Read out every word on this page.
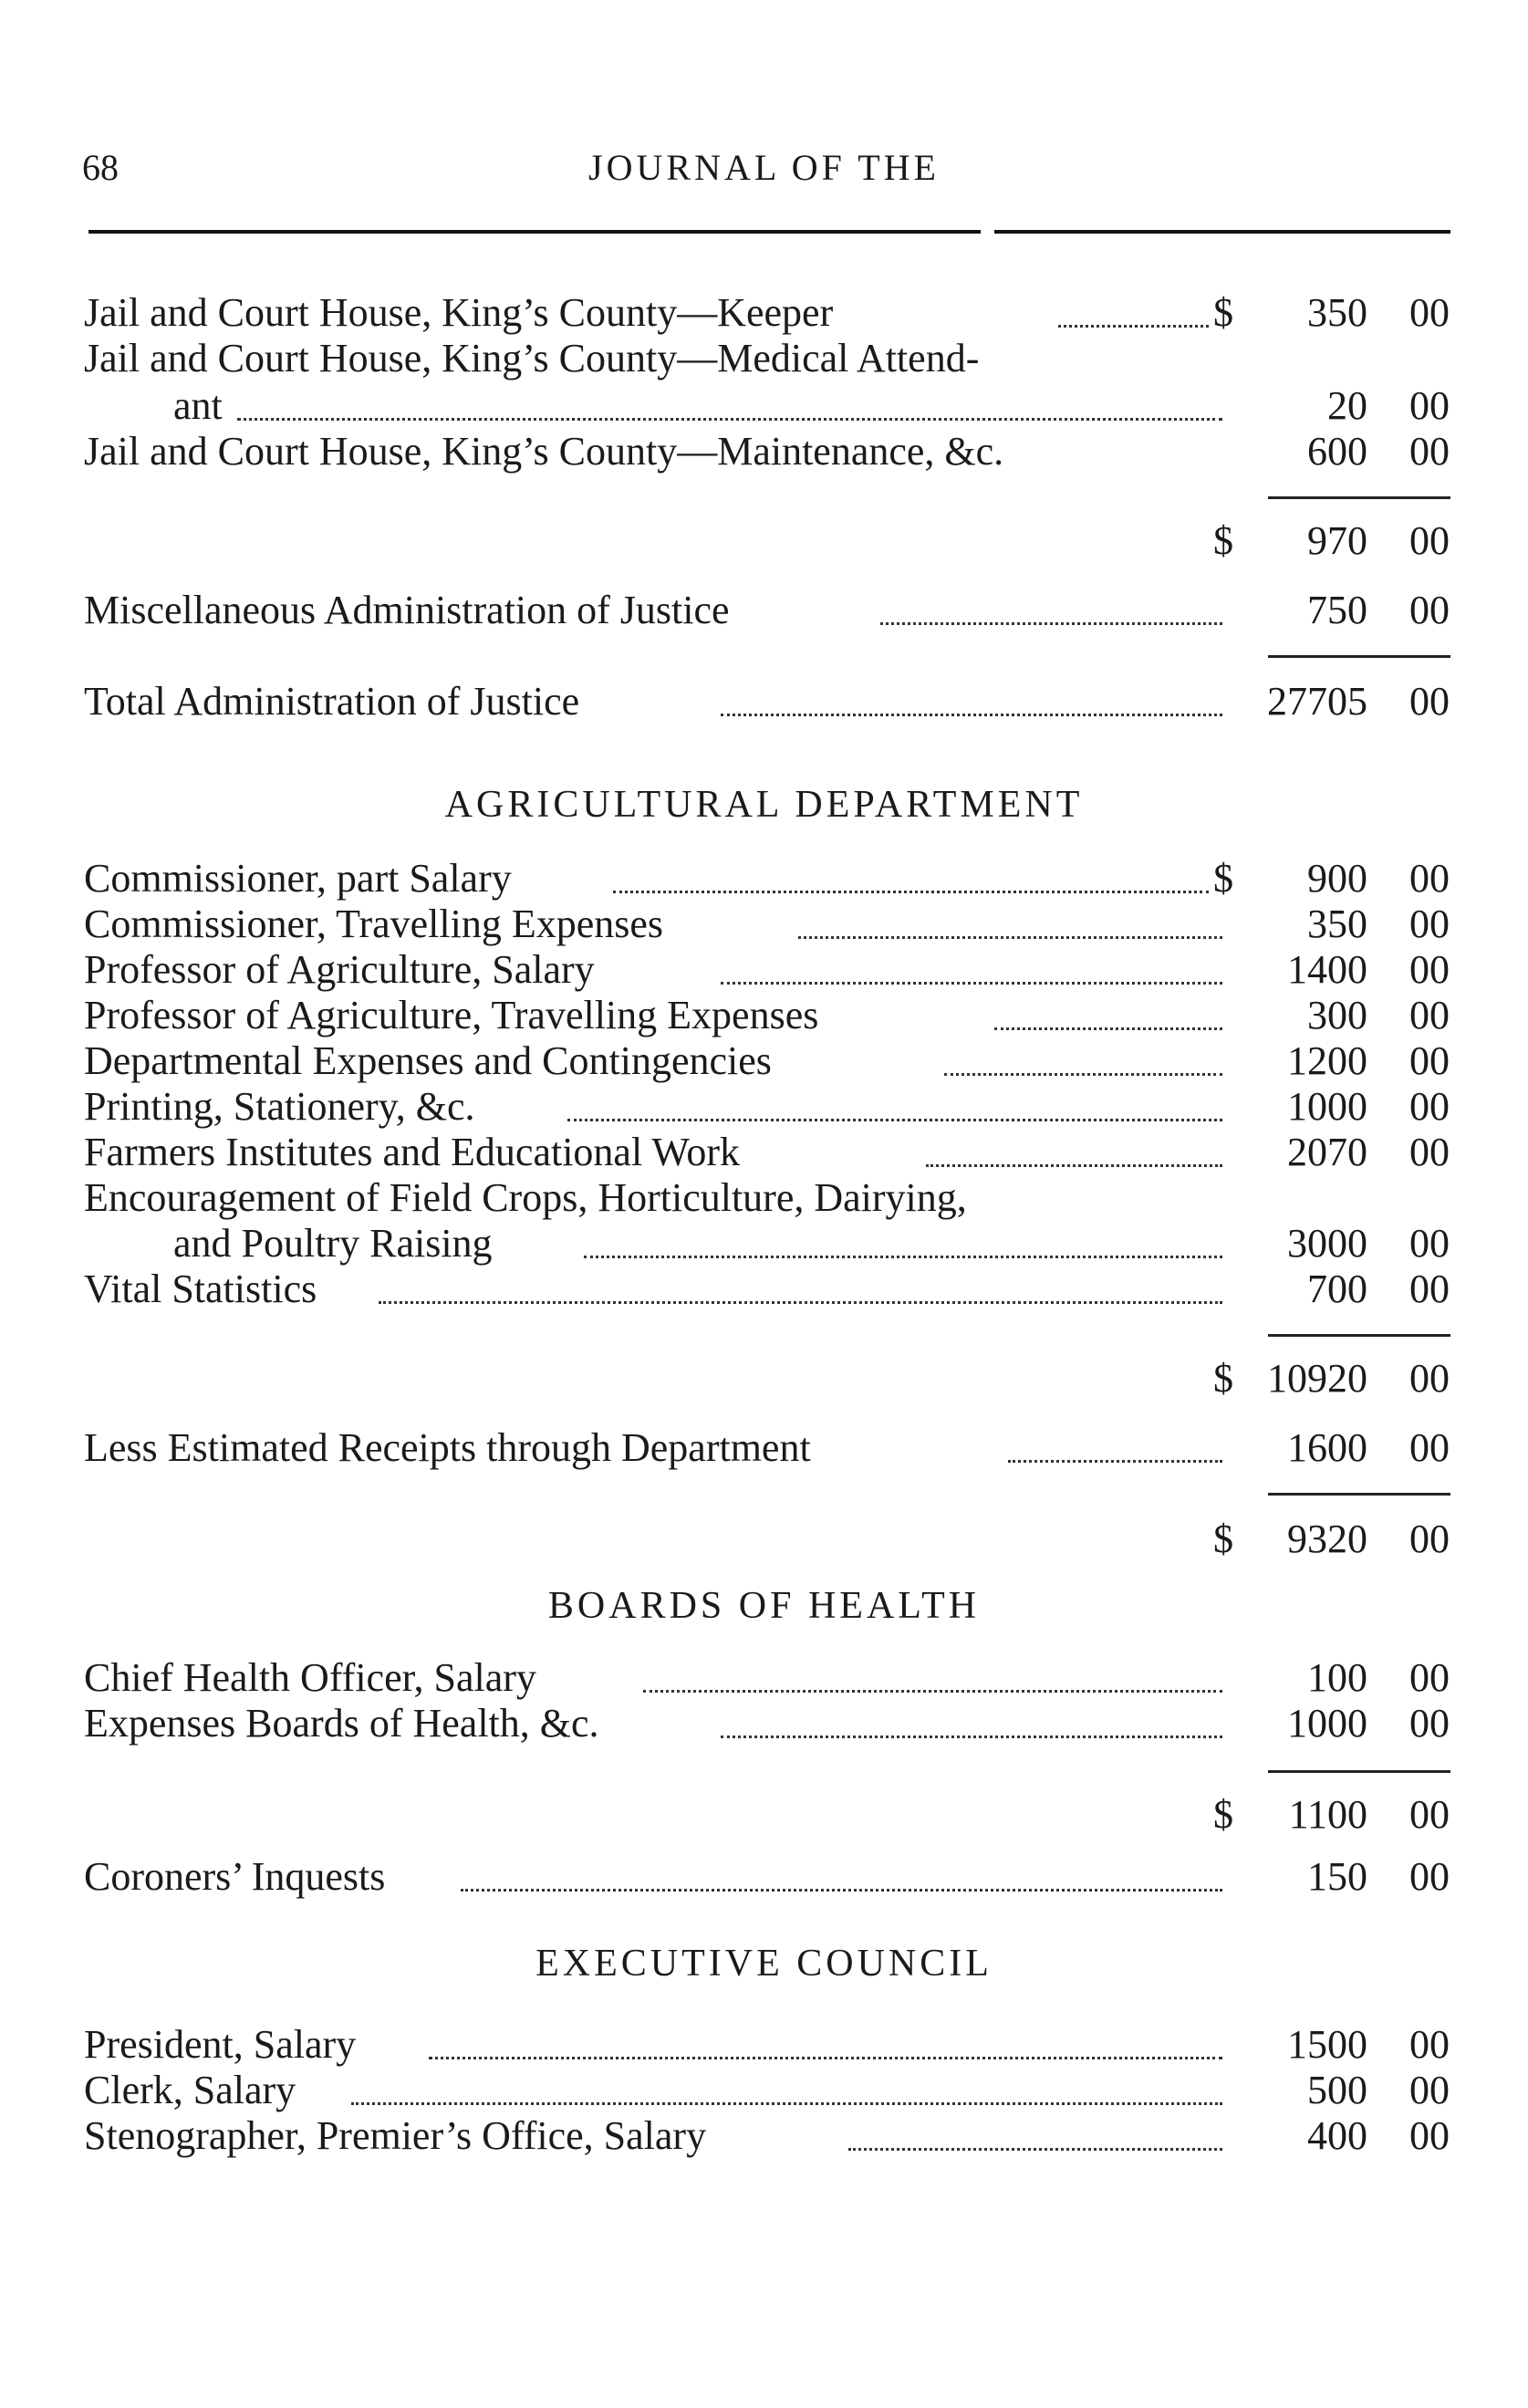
68	JOURNAL OF THE
Jail and Court House, King’s County—Keeper	$	350 00
Jail and Court House, King’s County—Medical Attend-
ant	20 00
Jail and Court House, King’s County—Maintenance, &c.	600 00
$	970 00
Miscellaneous Administration of Justice	750 00
Total Administration of Justice	27705 00
AGRICULTURAL DEPARTMENT
Commissioner, part Salary	$	900 00
Commissioner, Travelling Expenses	350 00
Professor of Agriculture, Salary	1400 00
Professor of Agriculture, Travelling Expenses	300 00
Departmental Expenses and Contingencies	1200 00
Printing, Stationery, &c.	1000 00
Farmers Institutes and Educational Work	2070 00
Encouragement of Field Crops, Horticulture, Dairying,
and Poultry Raising	3000 00
Vital Statistics	700 00
$ 10920 00
Less Estimated Receipts through Department	1600 00
$	9320 00
BOARDS OF HEALTH
Chief Health Officer, Salary	100 00
Expenses Boards of Health, &c.	1000 00
$	1100 00
Coroners’ Inquests	150 00
EXECUTIVE COUNCIL
President, Salary	1500 00
Clerk, Salary	500 00
Stenographer, Premier’s Office, Salary	400 00
